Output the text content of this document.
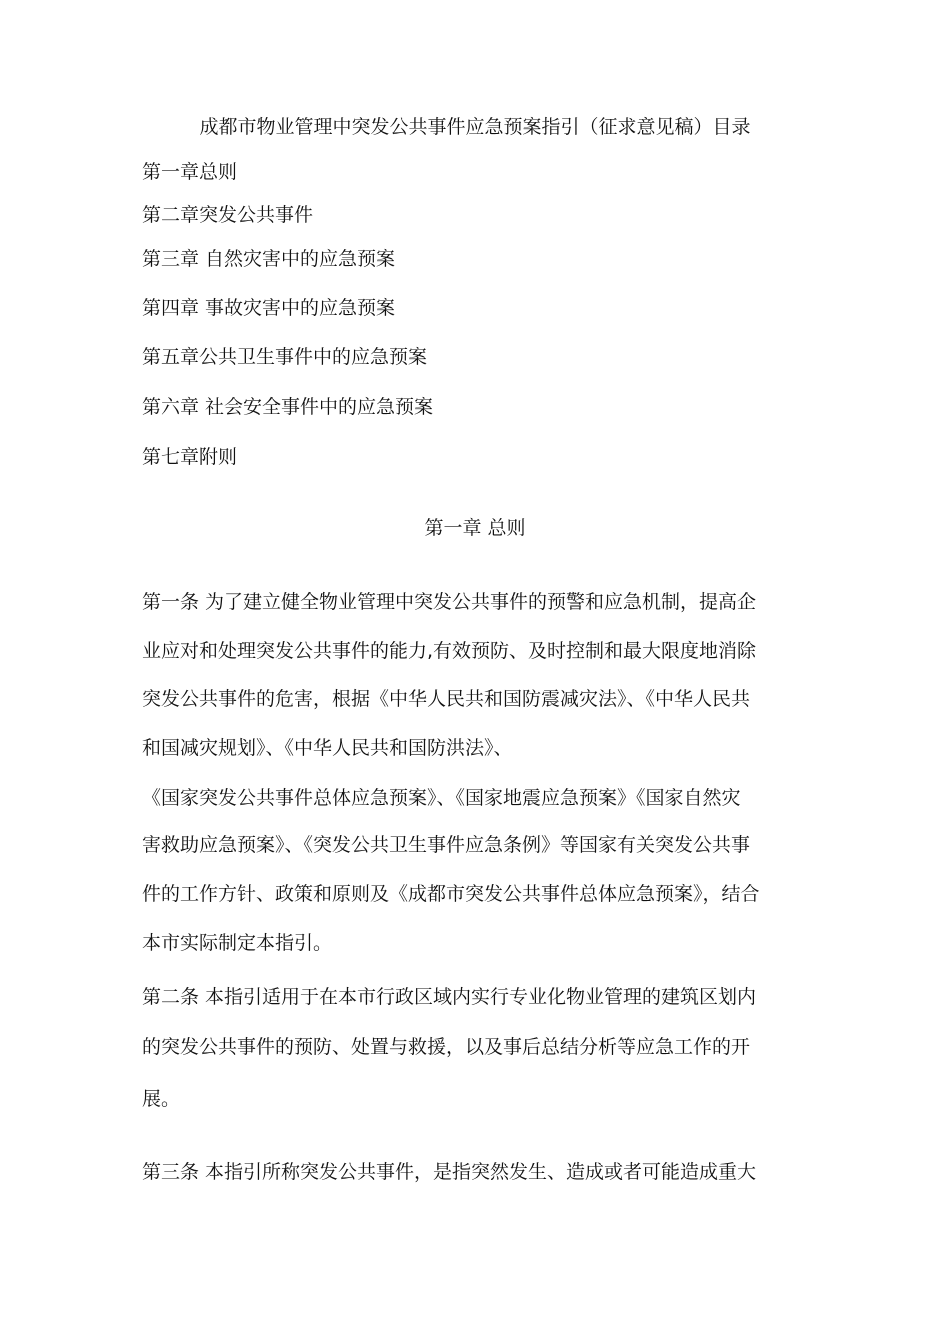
成都市物业管理中突发公共事件应急预案指引（征求意见稿）目录
第一章总则
第二章突发公共事件
第三章 自然灾害中的应急预案
第四章 事故灾害中的应急预案
第五章公共卫生事件中的应急预案
第六章 社会安全事件中的应急预案
第七章附则
第一章 总则
第一条 为了建立健全物业管理中突发公共事件的预警和应急机制，提高企
业应对和处理突发公共事件的能力,有效预防、及时控制和最大限度地消除
突发公共事件的危害，根据《中华人民共和国防震减灾法》、《中华人民共
和国减灾规划》、《中华人民共和国防洪法》、
《国家突发公共事件总体应急预案》、《国家地震应急预案》《国家自然灾
害救助应急预案》、《突发公共卫生事件应急条例》等国家有关突发公共事
件的工作方针、政策和原则及《成都市突发公共事件总体应急预案》，结合
本市实际制定本指引。
第二条 本指引适用于在本市行政区域内实行专业化物业管理的建筑区划内
的突发公共事件的预防、处置与救援，以及事后总结分析等应急工作的开
展。
第三条 本指引所称突发公共事件，是指突然发生、造成或者可能造成重大
